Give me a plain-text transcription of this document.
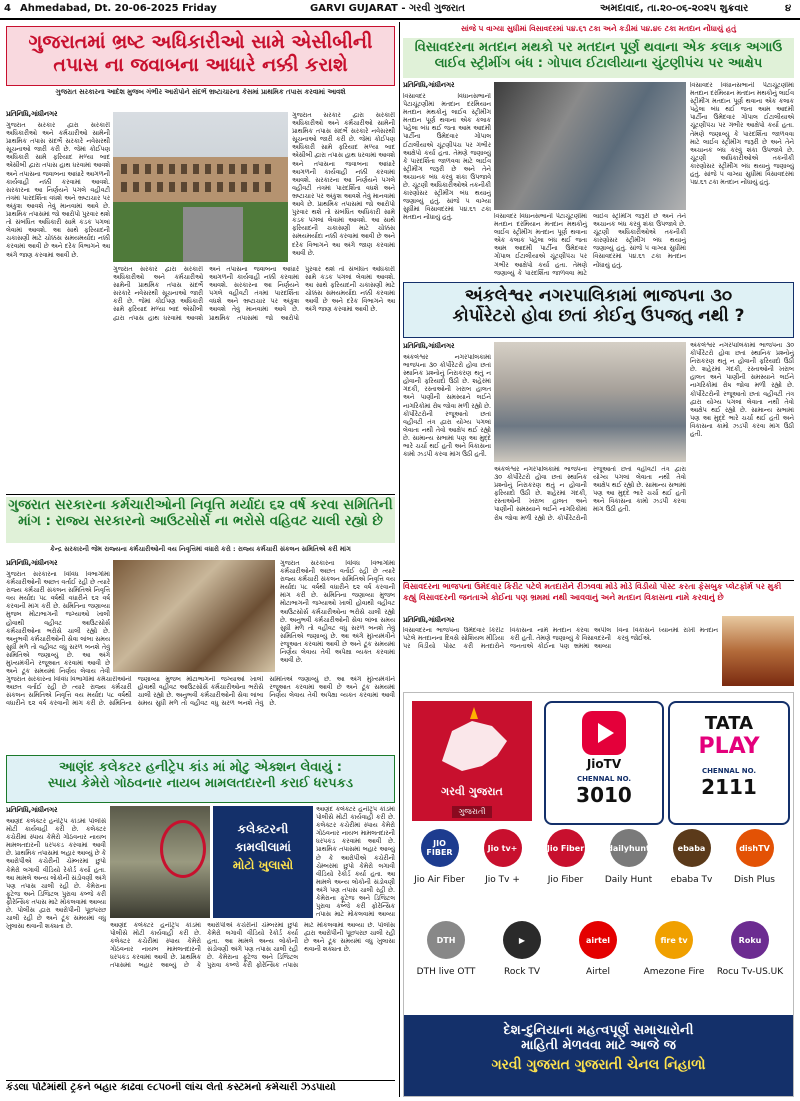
4 Ahmedabad, Dt. 20-06-2025 Friday	GARVI GUJARAT - ગરવી ગુજરાત	અમદાવાદ, તા.૨૦-૦૬-૨૦૨૫ શુક્રવાર	૪
ગુજરાતમાં ભ્રષ્ટ અધિકારીઓ સામે એસીબીની
તપાસ ના જવાબના આધારે નક્કી કરાશે
ગુજરાત સરકારના આદેશ મુજબ ગંભીર આરોપોને સંદર્ભે ભ્રષ્ટાચારના કેસમાં પ્રાથમિક તપાસ કરવામાં આવશે
પ્રતિનિધિ,ગાંધીનગર
ગુજરાત સરકાર દ્વારા સરકારી અધિકારીઓ અને કર્મચારીઓ સામેની પ્રાથમિક તપાસ સંદર્ભે સરકારે નવેસરથી સૂચનાઓ જારી કરી છે. જેમાં કોઈપણ અધિકારી સામે ફરિયાદ મળ્યા બાદ એસીબી દ્વારા તપાસ હાથ ધરવામાં આવશે અને તપાસના જવાબના આધારે આગળની કાર્યવાહી નક્કી કરવામાં આવશે. સરકારના આ નિર્ણયને પગલે વહીવટી તંત્રમાં પારદર્શિતા વધશે અને ભ્રષ્ટાચાર પર અંકુશ આવશે તેવું માનવામાં આવે છે. પ્રાથમિક તપાસમાં જો આરોપો પુરવાર થશે તો સંબંધિત અધિકારી સામે કડક પગલાં લેવામાં આવશે. આ સાથે ફરિયાદની ચકાસણી માટે ચોક્કસ સમયમર્યાદા નક્કી કરવામાં આવી છે અને દરેક વિભાગને આ અંગે જાણ કરવામાં આવી છે.
ગુજરાત સરકાર દ્વારા સરકારી અધિકારીઓ અને કર્મચારીઓ સામેની પ્રાથમિક તપાસ સંદર્ભે સરકારે નવેસરથી સૂચનાઓ જારી કરી છે. જેમાં કોઈપણ અધિકારી સામે ફરિયાદ મળ્યા બાદ એસીબી દ્વારા તપાસ હાથ ધરવામાં આવશે અને તપાસના જવાબના આધારે આગળની કાર્યવાહી નક્કી કરવામાં આવશે. સરકારના આ નિર્ણયને પગલે વહીવટી તંત્રમાં પારદર્શિતા વધશે અને ભ્રષ્ટાચાર પર અંકુશ આવશે તેવું માનવામાં આવે છે. પ્રાથમિક તપાસમાં જો આરોપો પુરવાર થશે તો સંબંધિત અધિકારી સામે કડક પગલાં લેવામાં આવશે. આ સાથે ફરિયાદની ચકાસણી માટે ચોક્કસ સમયમર્યાદા નક્કી કરવામાં આવી છે અને દરેક વિભાગને આ અંગે જાણ કરવામાં આવી છે.
ગુજરાત સરકાર દ્વારા સરકારી અધિકારીઓ અને કર્મચારીઓ સામેની પ્રાથમિક તપાસ સંદર્ભે સરકારે નવેસરથી સૂચનાઓ જારી કરી છે. જેમાં કોઈપણ અધિકારી સામે ફરિયાદ મળ્યા બાદ એસીબી દ્વારા તપાસ હાથ ધરવામાં આવશે અને તપાસના જવાબના આધારે આગળની કાર્યવાહી નક્કી કરવામાં આવશે. સરકારના આ નિર્ણયને પગલે વહીવટી તંત્રમાં પારદર્શિતા વધશે અને ભ્રષ્ટાચાર પર અંકુશ આવશે તેવું માનવામાં આવે છે. પ્રાથમિક તપાસમાં જો આરોપો પુરવાર થશે તો સંબંધિત અધિકારી સામે કડક પગલાં લેવામાં આવશે. આ સાથે ફરિયાદની ચકાસણી માટે ચોક્કસ સમયમર્યાદા નક્કી કરવામાં આવી છે અને દરેક વિભાગને આ અંગે જાણ કરવામાં આવી છે.
ગુજરાત સરકારના કર્મચારીઓની નિવૃત્તિ મર્યાદા ૬૨ વર્ષ કરવા સમિતિની
માંગ : રાજ્ય સરકારનો આઉટસોર્સ ના ભરોસે વહિવટ ચાલી રહ્યો છે
કેન્દ્ર સરકારની જેમ રાજ્યના કર્મચારીઓની વય નિવૃત્તિમાં વધારો કરો : રાજ્ય કર્મચારી સંકલન સમિતિએ કરી માંગ
પ્રતિનિધિ,ગાંધીનગર
ગુજરાત સરકારના વિવિધ વિભાગોમાં કર્મચારીઓની અછત વર્તાઈ રહી છે ત્યારે રાજ્ય કર્મચારી સંકલન સમિતિએ નિવૃત્તિ વય મર્યાદા ૫૮ વર્ષથી વધારીને ૬૨ વર્ષ કરવાની માંગ કરી છે. સમિતિના જણાવ્યા મુજબ મોટાભાગની જગ્યાઓ ખાલી હોવાથી વહીવટ આઉટસોર્સ કર્મચારીઓના ભરોસે ચાલી રહ્યો છે. અનુભવી કર્મચારીઓની સેવા લાંબા સમય સુધી મળે તો વહીવટ વધુ સરળ બનશે તેવું સમિતિએ જણાવ્યું છે. આ અંગે મુખ્યમંત્રીને રજૂઆત કરવામાં આવી છે અને ટૂંક સમયમાં નિર્ણય લેવાય તેવી
ગુજરાત સરકારના વિવિધ વિભાગોમાં કર્મચારીઓની અછત વર્તાઈ રહી છે ત્યારે રાજ્ય કર્મચારી સંકલન સમિતિએ નિવૃત્તિ વય મર્યાદા ૫૮ વર્ષથી વધારીને ૬૨ વર્ષ કરવાની માંગ કરી છે. સમિતિના જણાવ્યા મુજબ મોટાભાગની જગ્યાઓ ખાલી હોવાથી વહીવટ આઉટસોર્સ કર્મચારીઓના ભરોસે ચાલી રહ્યો છે. અનુભવી કર્મચારીઓની સેવા લાંબા સમય સુધી મળે તો વહીવટ વધુ સરળ બનશે તેવું સમિતિએ જણાવ્યું છે. આ અંગે મુખ્યમંત્રીને રજૂઆત કરવામાં આવી છે અને ટૂંક સમયમાં નિર્ણય લેવાય તેવી અપેક્ષા વ્યક્ત કરવામાં આવી છે.
ગુજરાત સરકારના વિવિધ વિભાગોમાં કર્મચારીઓની અછત વર્તાઈ રહી છે ત્યારે રાજ્ય કર્મચારી સંકલન સમિતિએ નિવૃત્તિ વય મર્યાદા ૫૮ વર્ષથી વધારીને ૬૨ વર્ષ કરવાની માંગ કરી છે. સમિતિના જણાવ્યા મુજબ મોટાભાગની જગ્યાઓ ખાલી હોવાથી વહીવટ આઉટસોર્સ કર્મચારીઓના ભરોસે ચાલી રહ્યો છે. અનુભવી કર્મચારીઓની સેવા લાંબા સમય સુધી મળે તો વહીવટ વધુ સરળ બનશે તેવું સમિતિએ જણાવ્યું છે. આ અંગે મુખ્યમંત્રીને રજૂઆત કરવામાં આવી છે અને ટૂંક સમયમાં નિર્ણય લેવાય તેવી અપેક્ષા વ્યક્ત કરવામાં આવી છે.
આણંદ કલેકટર હનીટ્રેપ કાંડ માં મોટુ એક્શન લેવાયું :
સ્પાય કેમેરો ગોઠવનાર નાયબ મામલતદારની કરાઈ ધરપકડ
પ્રતિનિધિ,ગાંધીનગર
આણંદ કલેક્ટર હનીટ્રેપ કાંડમાં પોલીસે મોટી કાર્યવાહી કરી છે. કલેક્ટર કચેરીમાં સ્પાય કેમેરો ગોઠવનાર નાયબ મામલતદારની ધરપકડ કરવામાં આવી છે. પ્રાથમિક તપાસમાં બહાર આવ્યું છે કે આરોપીએ કચેરીની ચેમ્બરમાં છુપો કેમેરો લગાવી વીડિયો રેકોર્ડ કર્યા હતા. આ મામલે અન્ય લોકોની સંડોવણી અંગે પણ તપાસ ચાલી રહી છે. કેમેરાના ફૂટેજ અને ડિજિટલ પુરાવા કબ્જે કરી ફોરેન્સિક તપાસ માટે મોકલવામાં આવ્યા છે. પોલીસ દ્વારા આરોપીની પૂછપરછ ચાલી રહી છે અને ટૂંક સમયમાં વધુ ખુલાસા થવાની શક્યતા છે.
કલેક્ટરની
કામલીલામાં
મોટો ખુલાસો
આણંદ કલેક્ટર હનીટ્રેપ કાંડમાં પોલીસે મોટી કાર્યવાહી કરી છે. કલેક્ટર કચેરીમાં સ્પાય કેમેરો ગોઠવનાર નાયબ મામલતદારની ધરપકડ કરવામાં આવી છે. પ્રાથમિક તપાસમાં બહાર આવ્યું છે કે આરોપીએ કચેરીની ચેમ્બરમાં છુપો કેમેરો લગાવી વીડિયો રેકોર્ડ કર્યા હતા. આ મામલે અન્ય લોકોની સંડોવણી અંગે પણ તપાસ ચાલી રહી છે. કેમેરાના ફૂટેજ અને ડિજિટલ પુરાવા કબ્જે કરી ફોરેન્સિક તપાસ માટે મોકલવામાં આવ્યા
આણંદ કલેક્ટર હનીટ્રેપ કાંડમાં પોલીસે મોટી કાર્યવાહી કરી છે. કલેક્ટર કચેરીમાં સ્પાય કેમેરો ગોઠવનાર નાયબ મામલતદારની ધરપકડ કરવામાં આવી છે. પ્રાથમિક તપાસમાં બહાર આવ્યું છે કે આરોપીએ કચેરીની ચેમ્બરમાં છુપો કેમેરો લગાવી વીડિયો રેકોર્ડ કર્યા હતા. આ મામલે અન્ય લોકોની સંડોવણી અંગે પણ તપાસ ચાલી રહી છે. કેમેરાના ફૂટેજ અને ડિજિટલ પુરાવા કબ્જે કરી ફોરેન્સિક તપાસ માટે મોકલવામાં આવ્યા છે. પોલીસ દ્વારા આરોપીની પૂછપરછ ચાલી રહી છે અને ટૂંક સમયમાં વધુ ખુલાસા થવાની શક્યતા છે.
કંડલા પોર્ટમાંથી ટ્રકને બહાર કાઢવા ૯૮૫૦ની લાંચ લેતો કસ્ટમનો કર્મચારી ઝડપાયો
સાંજે ૫ વાગ્યા સુધીમાં વિસાવદરમાં ૫૪.૬૧ ટકા અને કડીમાં ૫૪.૪૯ ટકા મતદાન નોંધાયું હતું
વિસાવદરના મતદાન મથકો પર મતદાન પૂર્ણ થવાના એક કલાક અગાઉ
લાઈવ સ્ટ્રીમીંગ બંધ : ગોપાલ ઈટાલીયાના ચુંટણીપંચ પર આક્ષેપ
પ્રતિનિધિ,ગાંધીનગર
વિસાવદર વિધાનસભાની પેટાચૂંટણીમાં મતદાન દરમિયાન મતદાન મથકોનું લાઈવ સ્ટ્રીમીંગ મતદાન પૂર્ણ થવાના એક કલાક પહેલા બંધ થઈ જતા આમ આદમી પાર્ટીના ઉમેદવાર ગોપાલ ઈટાલીયાએ ચૂંટણીપંચ પર ગંભીર આક્ષેપો કર્યા હતા. તેમણે જણાવ્યું કે પારદર્શિતા જાળવવા માટે લાઈવ સ્ટ્રીમીંગ જરૂરી છે અને તેને અચાનક બંધ કરવું શંકા ઉપજાવે છે. ચૂંટણી અધિકારીઓએ તકનીકી કારણોસર સ્ટ્રીમીંગ બંધ થયાનું જણાવ્યું હતું. સાંજે ૫ વાગ્યા સુધીમાં વિસાવદરમાં ૫૪.૬૧ ટકા મતદાન નોંધાયું હતું.
વિસાવદર વિધાનસભાની પેટાચૂંટણીમાં મતદાન દરમિયાન મતદાન મથકોનું લાઈવ સ્ટ્રીમીંગ મતદાન પૂર્ણ થવાના એક કલાક પહેલા બંધ થઈ જતા આમ આદમી પાર્ટીના ઉમેદવાર ગોપાલ ઈટાલીયાએ ચૂંટણીપંચ પર ગંભીર આક્ષેપો કર્યા હતા. તેમણે જણાવ્યું કે પારદર્શિતા જાળવવા માટે લાઈવ સ્ટ્રીમીંગ જરૂરી છે અને તેને અચાનક બંધ કરવું શંકા ઉપજાવે છે. ચૂંટણી અધિકારીઓએ તકનીકી કારણોસર સ્ટ્રીમીંગ બંધ થયાનું જણાવ્યું હતું. સાંજે ૫ વાગ્યા સુધીમાં વિસાવદરમાં ૫૪.૬૧ ટકા મતદાન નોંધાયું હતું.
વિસાવદર વિધાનસભાની પેટાચૂંટણીમાં મતદાન દરમિયાન મતદાન મથકોનું લાઈવ સ્ટ્રીમીંગ મતદાન પૂર્ણ થવાના એક કલાક પહેલા બંધ થઈ જતા આમ આદમી પાર્ટીના ઉમેદવાર ગોપાલ ઈટાલીયાએ ચૂંટણીપંચ પર ગંભીર આક્ષેપો કર્યા હતા. તેમણે જણાવ્યું કે પારદર્શિતા જાળવવા માટે લાઈવ સ્ટ્રીમીંગ જરૂરી છે અને તેને અચાનક બંધ કરવું શંકા ઉપજાવે છે. ચૂંટણી અધિકારીઓએ તકનીકી કારણોસર સ્ટ્રીમીંગ બંધ થયાનું જણાવ્યું હતું. સાંજે ૫ વાગ્યા સુધીમાં વિસાવદરમાં ૫૪.૬૧ ટકા મતદાન નોંધાયું હતું.
અંકલેશ્વર નગરપાલિકામાં ભાજપના ૩૦
કોર્પોરેટરો હોવા છતાં કોઈનુ ઉપજતુ નથી ?
પ્રતિનિધિ,ગાંધીનગર
અંકલેશ્વર નગરપાલિકામાં ભાજપના ૩૦ કોર્પોરેટરો હોવા છતાં સ્થાનિક પ્રશ્નોનું નિરાકરણ થતું ન હોવાની ફરિયાદો ઉઠી છે. શહેરમાં ગંદકી, રસ્તાઓની ખરાબ હાલત અને પાણીની સમસ્યાને લઈને નાગરિકોમાં રોષ જોવા મળી રહ્યો છે. કોર્પોરેટરોની રજૂઆતો છતાં વહીવટી તંત્ર દ્વારા યોગ્ય પગલાં લેવાતા નથી તેવો આક્ષેપ થઈ રહ્યો છે. સામાન્ય સભામાં પણ આ મુદ્દે ભારે ચર્ચા થઈ હતી અને વિકાસના કામો ઝડપી કરવા માંગ ઉઠી હતી.
અંકલેશ્વર નગરપાલિકામાં ભાજપના ૩૦ કોર્પોરેટરો હોવા છતાં સ્થાનિક પ્રશ્નોનું નિરાકરણ થતું ન હોવાની ફરિયાદો ઉઠી છે. શહેરમાં ગંદકી, રસ્તાઓની ખરાબ હાલત અને પાણીની સમસ્યાને લઈને નાગરિકોમાં રોષ જોવા મળી રહ્યો છે. કોર્પોરેટરોની રજૂઆતો છતાં વહીવટી તંત્ર દ્વારા યોગ્ય પગલાં લેવાતા નથી તેવો આક્ષેપ થઈ રહ્યો છે. સામાન્ય સભામાં પણ આ મુદ્દે ભારે ચર્ચા થઈ હતી અને વિકાસના કામો ઝડપી કરવા માંગ ઉઠી હતી.
અંકલેશ્વર નગરપાલિકામાં ભાજપના ૩૦ કોર્પોરેટરો હોવા છતાં સ્થાનિક પ્રશ્નોનું નિરાકરણ થતું ન હોવાની ફરિયાદો ઉઠી છે. શહેરમાં ગંદકી, રસ્તાઓની ખરાબ હાલત અને પાણીની સમસ્યાને લઈને નાગરિકોમાં રોષ જોવા મળી રહ્યો છે. કોર્પોરેટરોની રજૂઆતો છતાં વહીવટી તંત્ર દ્વારા યોગ્ય પગલાં લેવાતા નથી તેવો આક્ષેપ થઈ રહ્યો છે. સામાન્ય સભામાં પણ આ મુદ્દે ભારે ચર્ચા થઈ હતી અને વિકાસના કામો ઝડપી કરવા માંગ ઉઠી હતી.
વિસાવદરના ભાજપના ઉમેદવાર કિરીટ પટેલે મતદારોને રીઝવવા મોડે મોડે વિડીયો પોસ્ટ કરતા ફેસબુક પ્લેટફોર્મ પર મુકી કહ્યું વિસાવદરની જનતાએ કોઈના પણ ભ્રમમાં નથી આવવાનું અને મતદાન વિકાસના નામે કરવાનું છે
પ્રતિનિધિ,ગાંધીનગર
વિસાવદરના ભાજપના ઉમેદવાર કિરીટ પટેલે મતદાનના દિવસે સોશિયલ મીડિયા પર વિડીયો પોસ્ટ કરી મતદારોને વિકાસના નામે મતદાન કરવા અપીલ કરી હતી. તેમણે જણાવ્યું કે વિસાવદરની જનતાએ કોઈના પણ ભ્રમમાં આવ્યા વિના વિકાસને ધ્યાનમાં રાખી મતદાન કરવું જોઈએ.
ગરવી ગુજરાત
ગુજરાતી
JioTV
CHENNAL NO.
3010
TATA
PLAY
CHENNAL NO.
2111
JIO FIBER
Jio Air Fiber
Jio tv+
Jio Tv +
Jio Fiber
Jio Fiber
dailyhunt
Daily Hunt
ebaba
ebaba Tv
dishTV
Dish Plus
DTH
DTH live OTT
▶
Rock TV
airtel
Airtel
fire tv
Amezone Fire
Roku
Rocu Tv-US.UK
દેશ-દુનિયાના મહત્વપૂર્ણ સમાચારોની
માહિતી મેળવવા માટે આજે જ
ગરવી ગુજરાત ગુજરાતી ચેનલ નિહાળો
